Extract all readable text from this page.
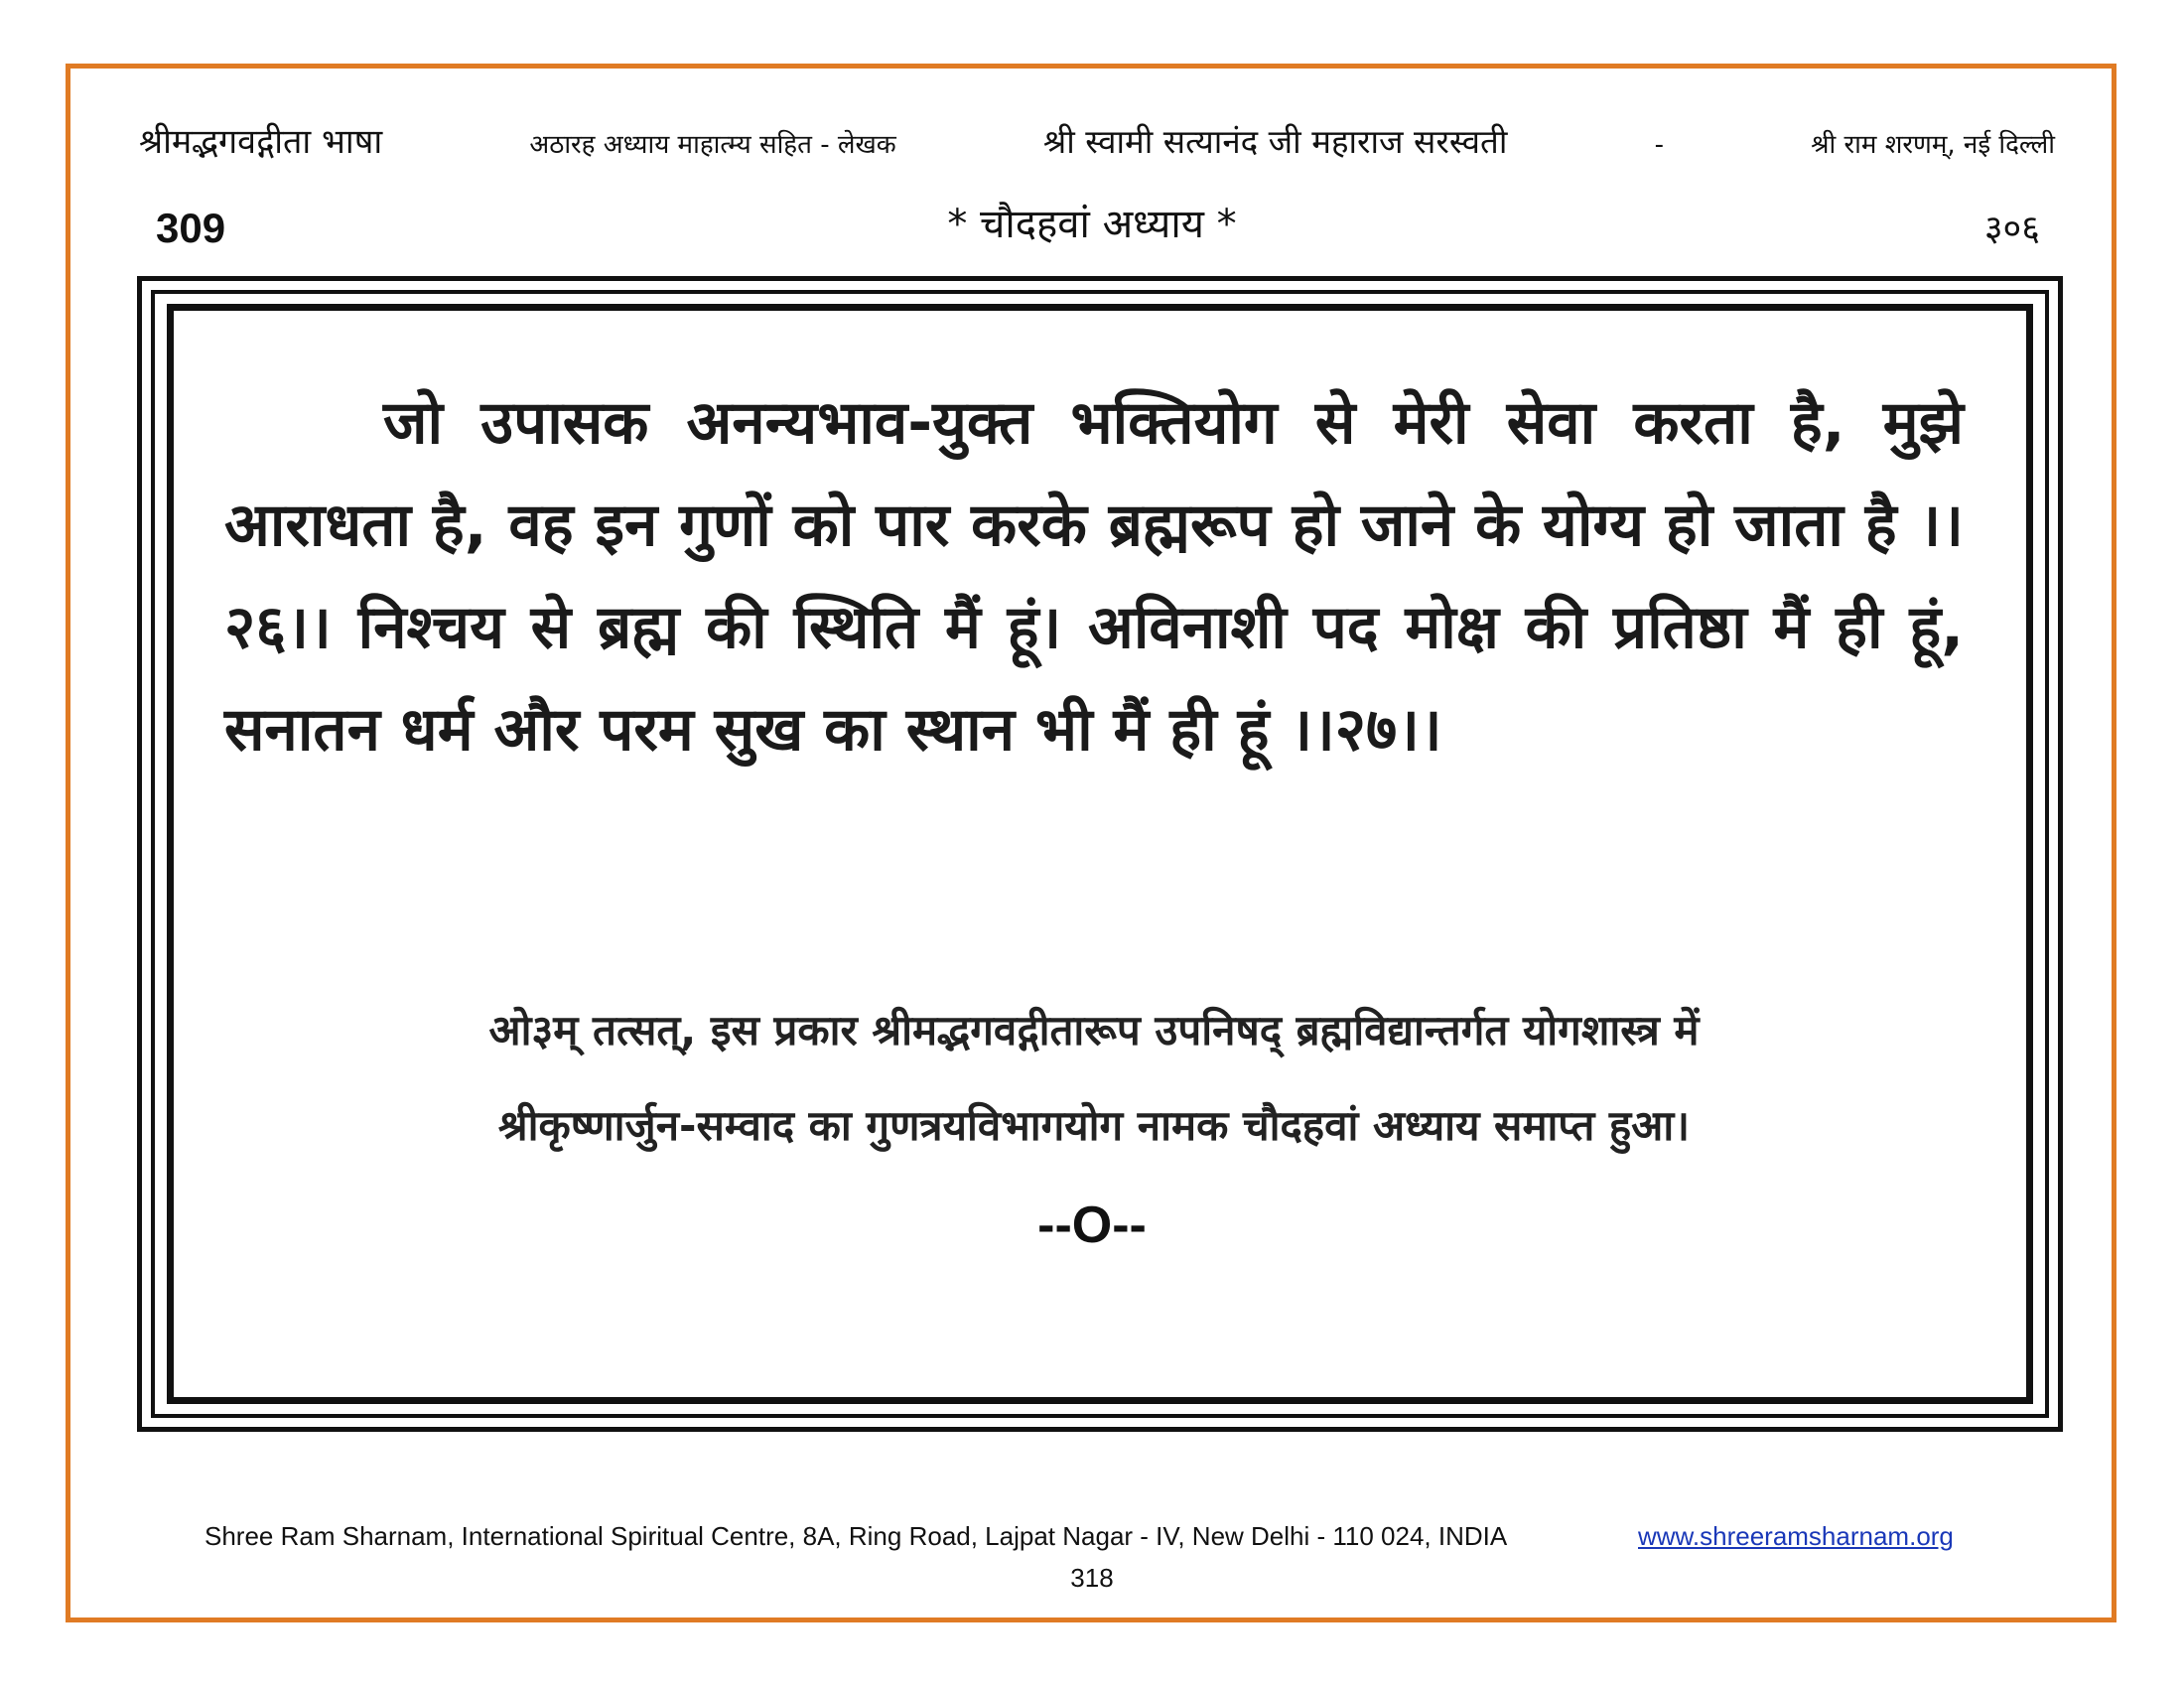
श्रीमद्भगवद्गीता भाषा	अठारह अध्याय माहात्म्य सहित - लेखक	श्री स्वामी सत्यानंद जी महाराज सरस्वती	-	श्री राम शरणम्, नई दिल्ली
309	* चौदहवां अध्याय *	३०६
जो उपासक अनन्यभाव-युक्त भक्तियोग से मेरी सेवा करता है, मुझे आराधता है, वह इन गुणों को पार करके ब्रह्मरूप हो जाने के योग्य हो जाता है ।।२६।। निश्चय से ब्रह्म की स्थिति मैं हूं। अविनाशी पद मोक्ष की प्रतिष्ठा मैं ही हूं, सनातन धर्म और परम सुख का स्थान भी मैं ही हूं ।।२७।।
ओ३म् तत्सत्, इस प्रकार श्रीमद्भगवद्गीतारूप उपनिषद् ब्रह्मविद्यान्तर्गत योगशास्त्र में
श्रीकृष्णार्जुन-सम्वाद का गुणत्रयविभागयोग नामक चौदहवां अध्याय समाप्त हुआ।
--O--
Shree Ram Sharnam, International Spiritual Centre, 8A, Ring Road, Lajpat Nagar - IV, New Delhi - 110 024, INDIA	www.shreeramsharnam.org
318
